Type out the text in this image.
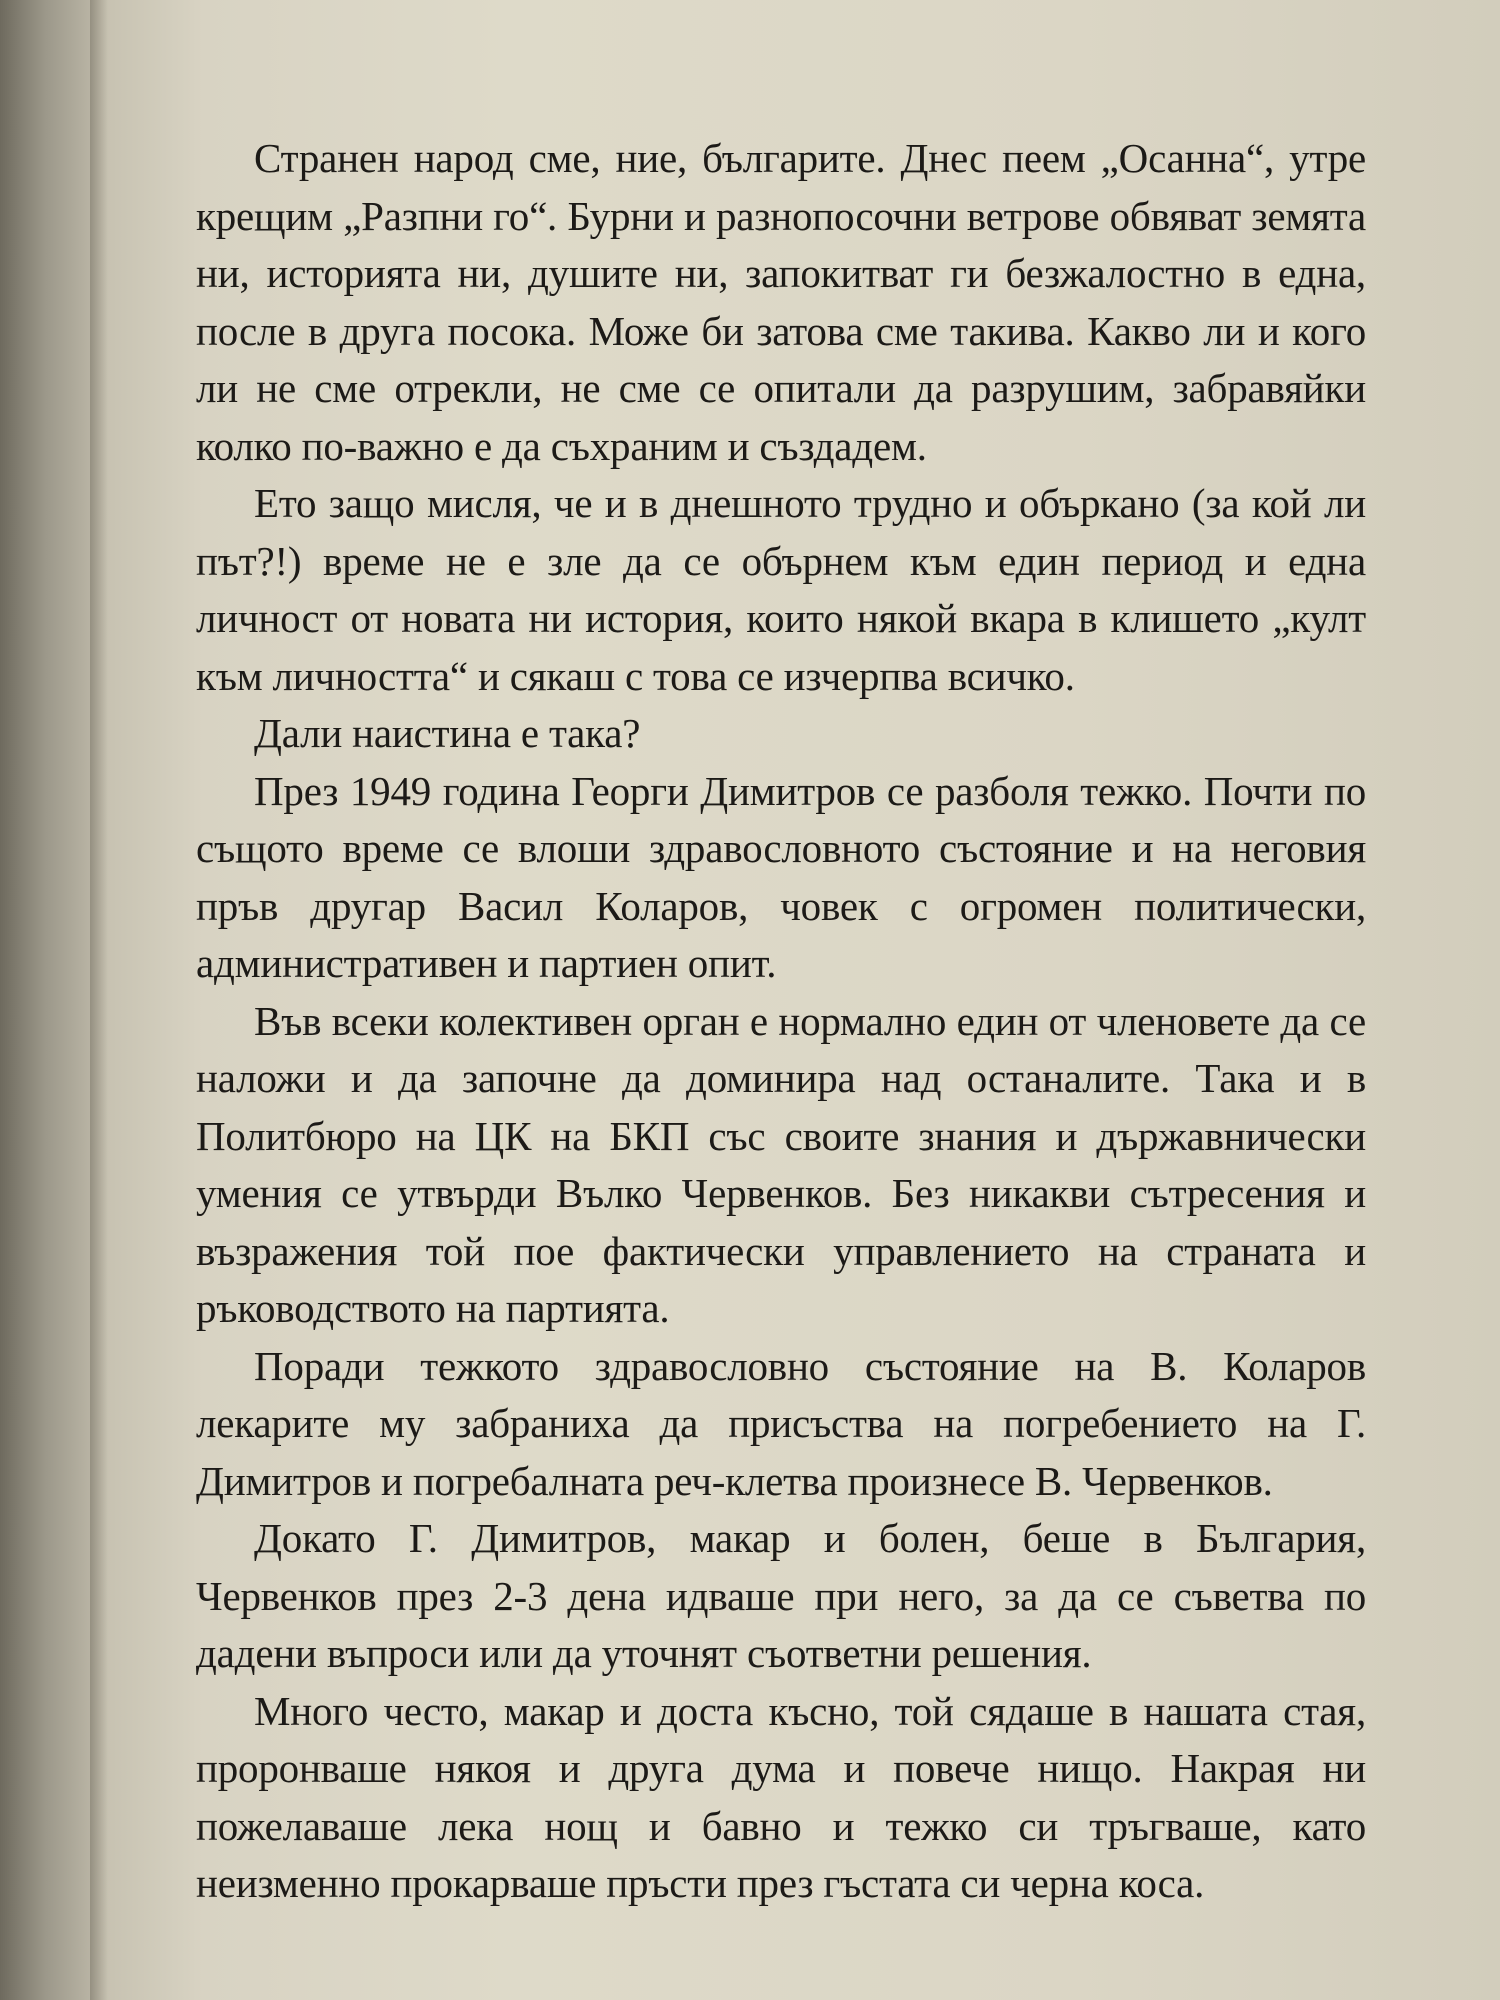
Странен народ сме, ние, българите. Днес пеем „Осанна“, утре крещим „Разпни го“. Бурни и разнопосочни ветрове обвяват земята ни, историята ни, душите ни, запокитват ги безжалостно в една, после в друга посока. Може би затова сме такива. Какво ли и кого ли не сме отрекли, не сме се опитали да разрушим, забравяйки колко по-важно е да съхраним и създадем.

Ето защо мисля, че и в днешното трудно и объркано (за кой ли път?!) време не е зле да се обърнем към един период и една личност от новата ни история, които някой вкара в клишето „култ към личността“ и сякаш с това се изчерпва всичко.

Дали наистина е така?

През 1949 година Георги Димитров се разболя тежко. Почти по същото време се влоши здравословното състояние и на неговия пръв другар Васил Коларов, човек с огромен политически, административен и партиен опит.

Във всеки колективен орган е нормално един от членовете да се наложи и да започне да доминира над останалите. Така и в Политбюро на ЦК на БКП със своите знания и държавнически умения се утвърди Вълко Червенков. Без никакви сътресения и възражения той пое фактически управлението на страната и ръководството на партията.

Поради тежкото здравословно състояние на В. Коларов лекарите му забраниха да присъства на погребението на Г. Димитров и погребалната реч-клетва произнесе В. Червенков.

Докато Г. Димитров, макар и болен, беше в България, Червенков през 2-3 дена идваше при него, за да се съветва по дадени въпроси или да уточнят съответни решения.

Много често, макар и доста късно, той сядаше в нашата стая, проронваше някоя и друга дума и повече нищо. Накрая ни пожелаваше лека нощ и бавно и тежко си тръгваше, като неизменно прокарваше пръсти през гъстата си черна коса.
